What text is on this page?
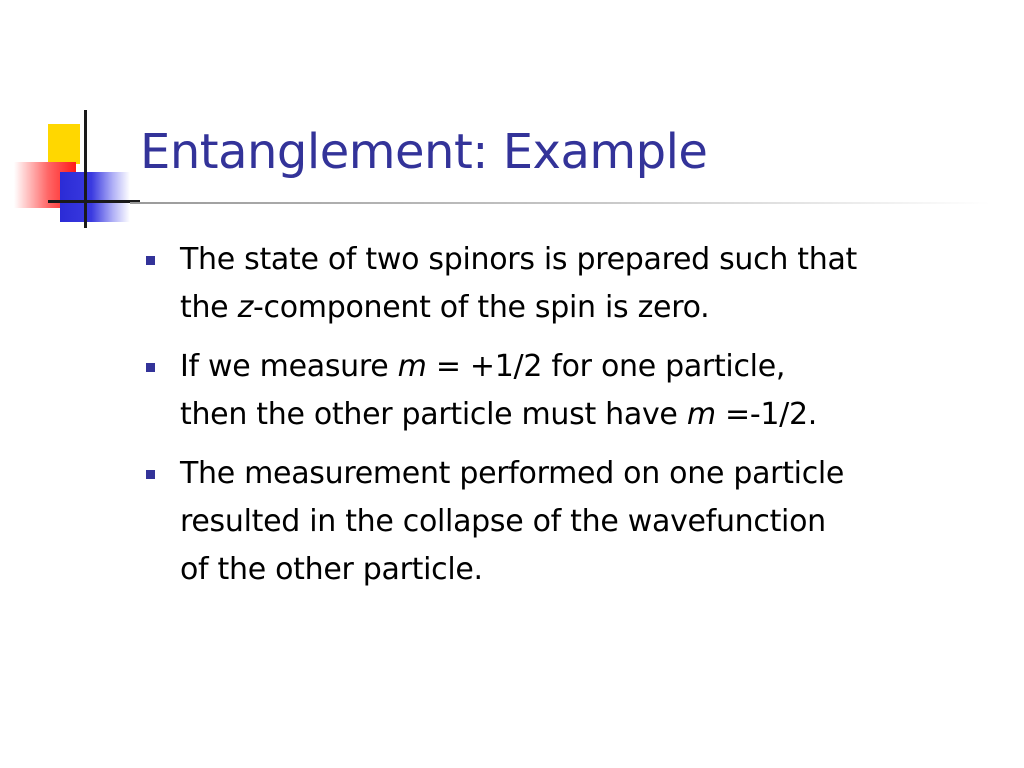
Entanglement: Example
The state of two spinors is prepared such that
the z-component of the spin is zero.
If we measure m = +1/2 for one particle,
then the other particle must have m =-1/2.
The measurement performed on one particle
resulted in the collapse of the wavefunction
of the other particle.
